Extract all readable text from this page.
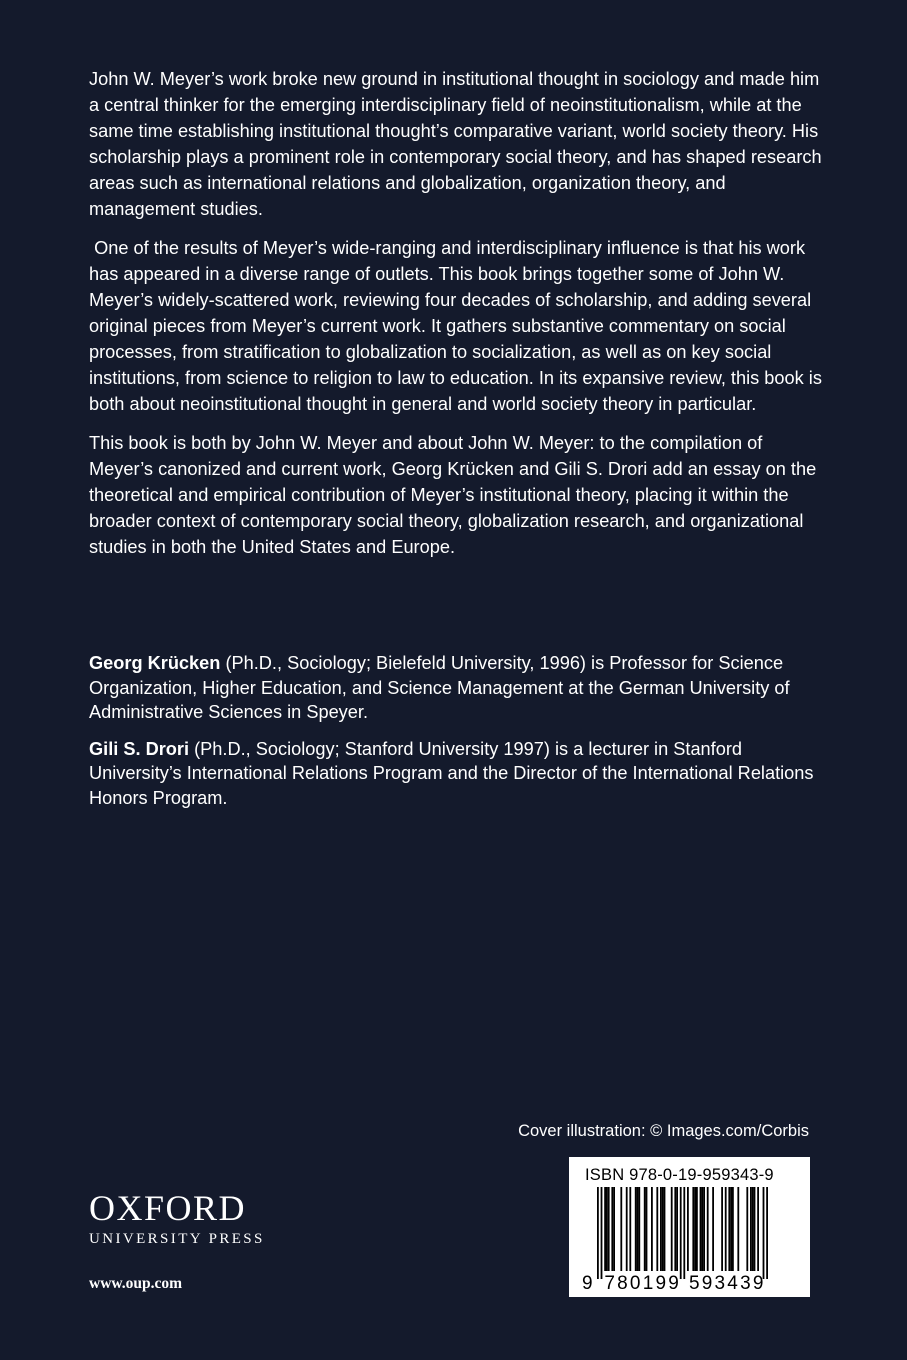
John W. Meyer’s work broke new ground in institutional thought in sociology and made him a central thinker for the emerging interdisciplinary field of neoinstitutionalism, while at the same time establishing institutional thought’s comparative variant, world society theory. His scholarship plays a prominent role in contemporary social theory, and has shaped research areas such as international relations and globalization, organization theory, and management studies.

One of the results of Meyer’s wide-ranging and interdisciplinary influence is that his work has appeared in a diverse range of outlets. This book brings together some of John W. Meyer’s widely-scattered work, reviewing four decades of scholarship, and adding several original pieces from Meyer’s current work. It gathers substantive commentary on social processes, from stratification to globalization to socialization, as well as on key social institutions, from science to religion to law to education. In its expansive review, this book is both about neoinstitutional thought in general and world society theory in particular.

This book is both by John W. Meyer and about John W. Meyer: to the compilation of Meyer’s canonized and current work, Georg Krücken and Gili S. Drori add an essay on the theoretical and empirical contribution of Meyer’s institutional theory, placing it within the broader context of contemporary social theory, globalization research, and organizational studies in both the United States and Europe.

Georg Krücken (Ph.D., Sociology; Bielefeld University, 1996) is Professor for Science Organization, Higher Education, and Science Management at the German University of Administrative Sciences in Speyer.

Gili S. Drori (Ph.D., Sociology; Stanford University 1997) is a lecturer in Stanford University’s International Relations Program and the Director of the International Relations Honors Program.

Cover illustration: © Images.com/Corbis
ISBN 978-0-19-959343-9
9 780199 593439
OXFORD
UNIVERSITY PRESS
www.oup.com
